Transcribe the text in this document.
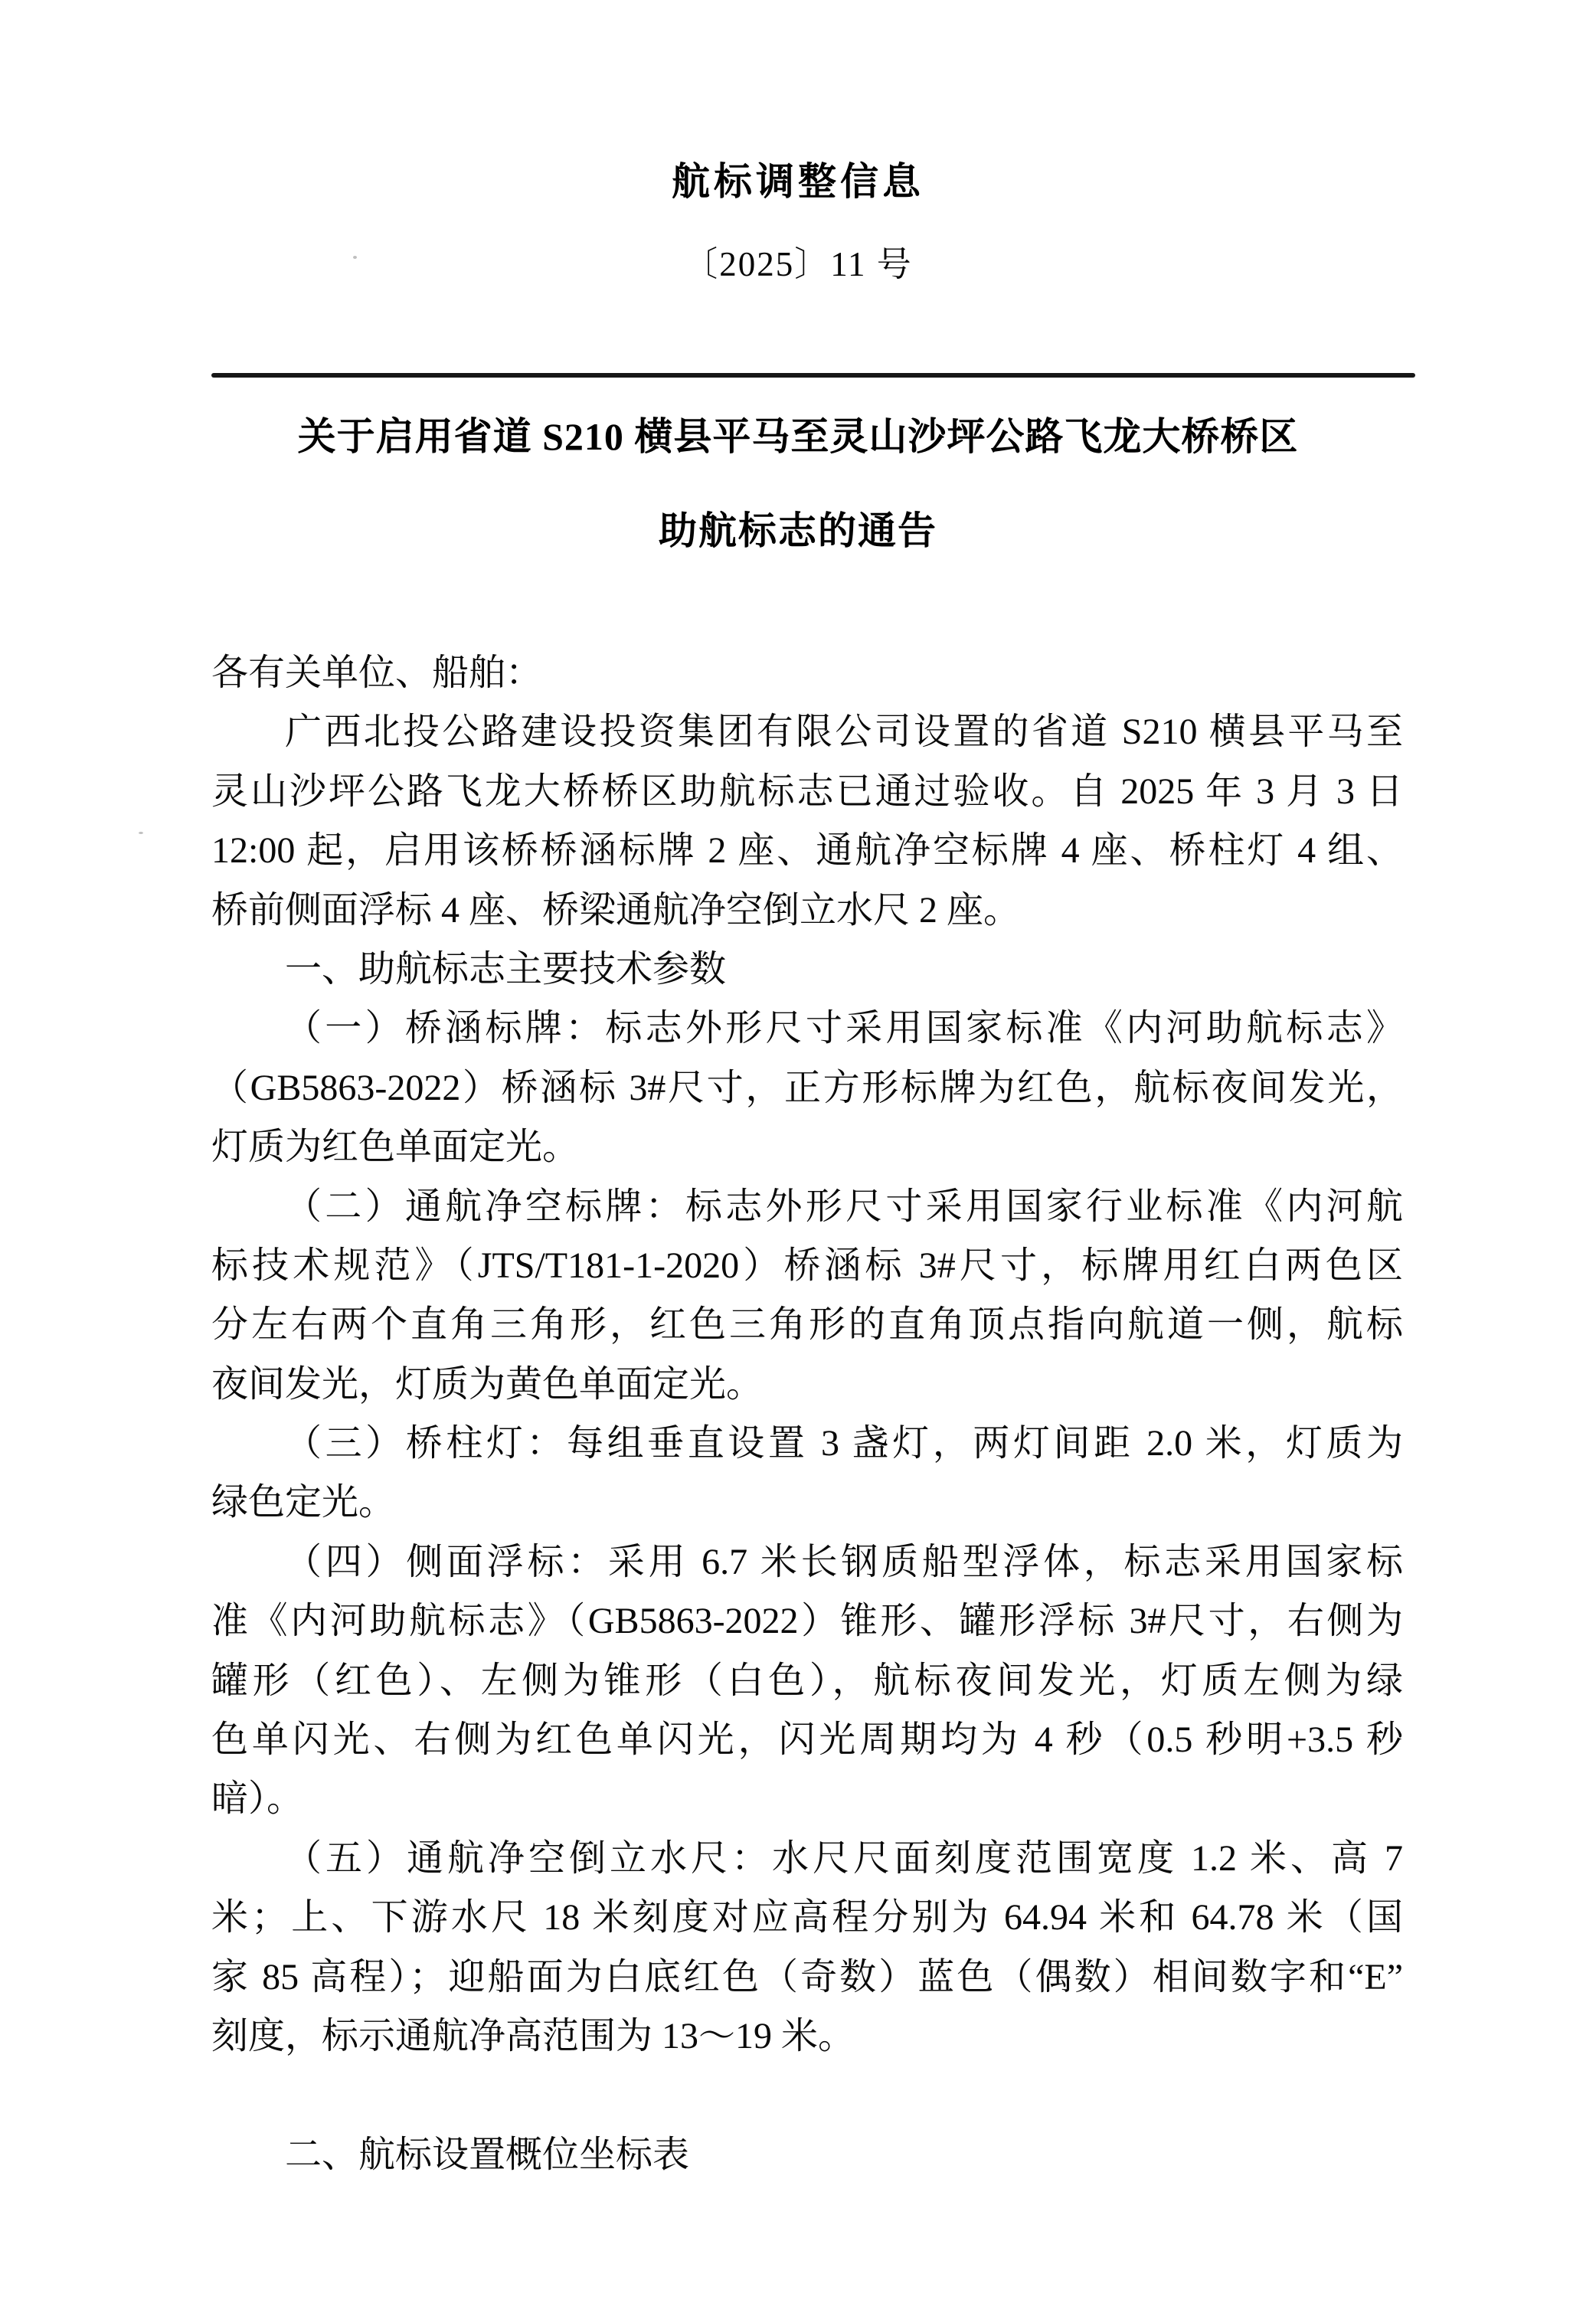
航标调整信息
〔2025〕11 号
关于启用省道 S210 横县平马至灵山沙坪公路飞龙大桥桥区
助航标志的通告
各有关单位、船舶：
广西北投公路建设投资集团有限公司设置的省道 S210 横县平马至
灵山沙坪公路飞龙大桥桥区助航标志已通过验收。自 2025 年 3 月 3 日
12:00 起，启用该桥桥涵标牌 2 座、通航净空标牌 4 座、桥柱灯 4 组、
桥前侧面浮标 4 座、桥梁通航净空倒立水尺 2 座。
一、助航标志主要技术参数
（一）桥涵标牌：标志外形尺寸采用国家标准《内河助航标志》
（GB5863-2022）桥涵标 3#尺寸，正方形标牌为红色，航标夜间发光，
灯质为红色单面定光。
（二）通航净空标牌：标志外形尺寸采用国家行业标准《内河航
标技术规范》（JTS/T181-1-2020）桥涵标 3#尺寸，标牌用红白两色区
分左右两个直角三角形，红色三角形的直角顶点指向航道一侧，航标
夜间发光，灯质为黄色单面定光。
（三）桥柱灯：每组垂直设置 3 盏灯，两灯间距 2.0 米，灯质为
绿色定光。
（四）侧面浮标：采用 6.7 米长钢质船型浮体，标志采用国家标
准《内河助航标志》（GB5863-2022）锥形、罐形浮标 3#尺寸，右侧为
罐形（红色）、左侧为锥形（白色），航标夜间发光，灯质左侧为绿
色单闪光、右侧为红色单闪光，闪光周期均为 4 秒（0.5 秒明+3.5 秒
暗）。
（五）通航净空倒立水尺：水尺尺面刻度范围宽度 1.2 米、高 7
米；上、下游水尺 18 米刻度对应高程分别为 64.94 米和 64.78 米（国
家 85 高程）；迎船面为白底红色（奇数）蓝色（偶数）相间数字和“E”
刻度，标示通航净高范围为 13～19 米。
二、航标设置概位坐标表
